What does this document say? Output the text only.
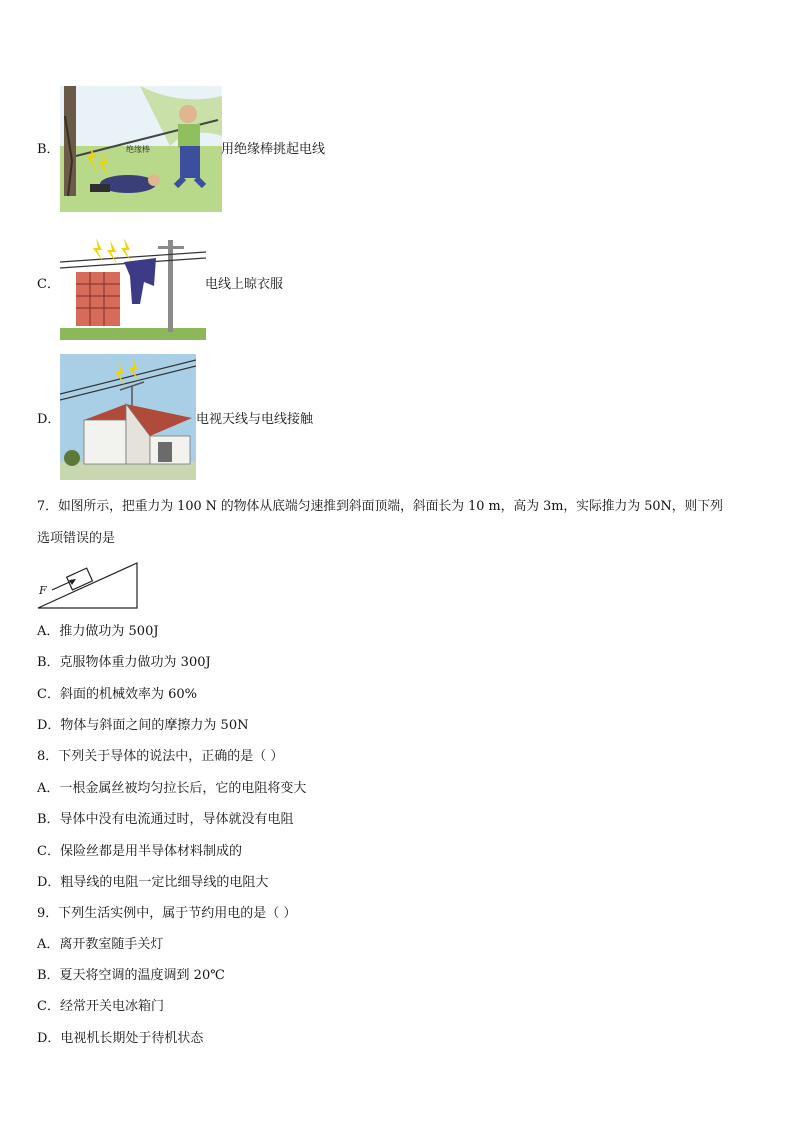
B．	绝缘棒	用绝缘棒挑起电线
C．	电线上晾衣服
D．	电视天线与电线接触
7．如图所示，把重力为 100 N 的物体从底端匀速推到斜面顶端，斜面长为 10 m，高为 3m，实际推力为 50N，则下列
选项错误的是
F
A．推力做功为 500J
B．克服物体重力做功为 300J
C．斜面的机械效率为 60%
D．物体与斜面之间的摩擦力为 50N
8．下列关于导体的说法中，正确的是（ ）
A．一根金属丝被均匀拉长后，它的电阻将变大
B．导体中没有电流通过时，导体就没有电阻
C．保险丝都是用半导体材料制成的
D．粗导线的电阻一定比细导线的电阻大
9．下列生活实例中，属于节约用电的是（ ）
A．离开教室随手关灯
B．夏天将空调的温度调到 20℃
C．经常开关电冰箱门
D．电视机长期处于待机状态
